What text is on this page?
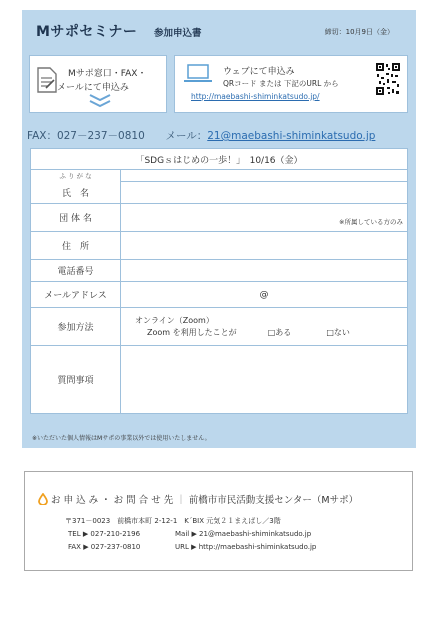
Mサポセミナー 参加申込書	締切：10月9日（金）
Mサポ窓口・FAX・
メールにて申込み
ウェブにて申込み
QRコード または 下記のURL から
http://maebashi-shiminkatsudo.jp/
FAX：027－237－0810 メール：21@maebashi-shiminkatsudo.jp
「SDGｓはじめの一歩！」　10/16（金）	
ふ り が な	
氏　名	
団 体 名	※所属している方のみ
住　所	
電話番号	
メールアドレス	@
参加方法	オンライン（Zoom）
Zoom を利用したことが □ある □ない

質問事項	
※いただいた個人情報はMサポの事業以外では使用いたしません。
お 申 込 み ・ お 問 合 せ 先 ｜ 前橋市市民活動支援センター（Mサポ）
〒371－0023　前橋市本町 2-12-1　K´BIX 元気２１まえばし／3階
TEL ▶ 027-210-2196
FAX ▶ 027-237-0810
Mail ▶ 21@maebashi-shiminkatsudo.jp
URL ▶ http://maebashi-shiminkatsudo.jp
